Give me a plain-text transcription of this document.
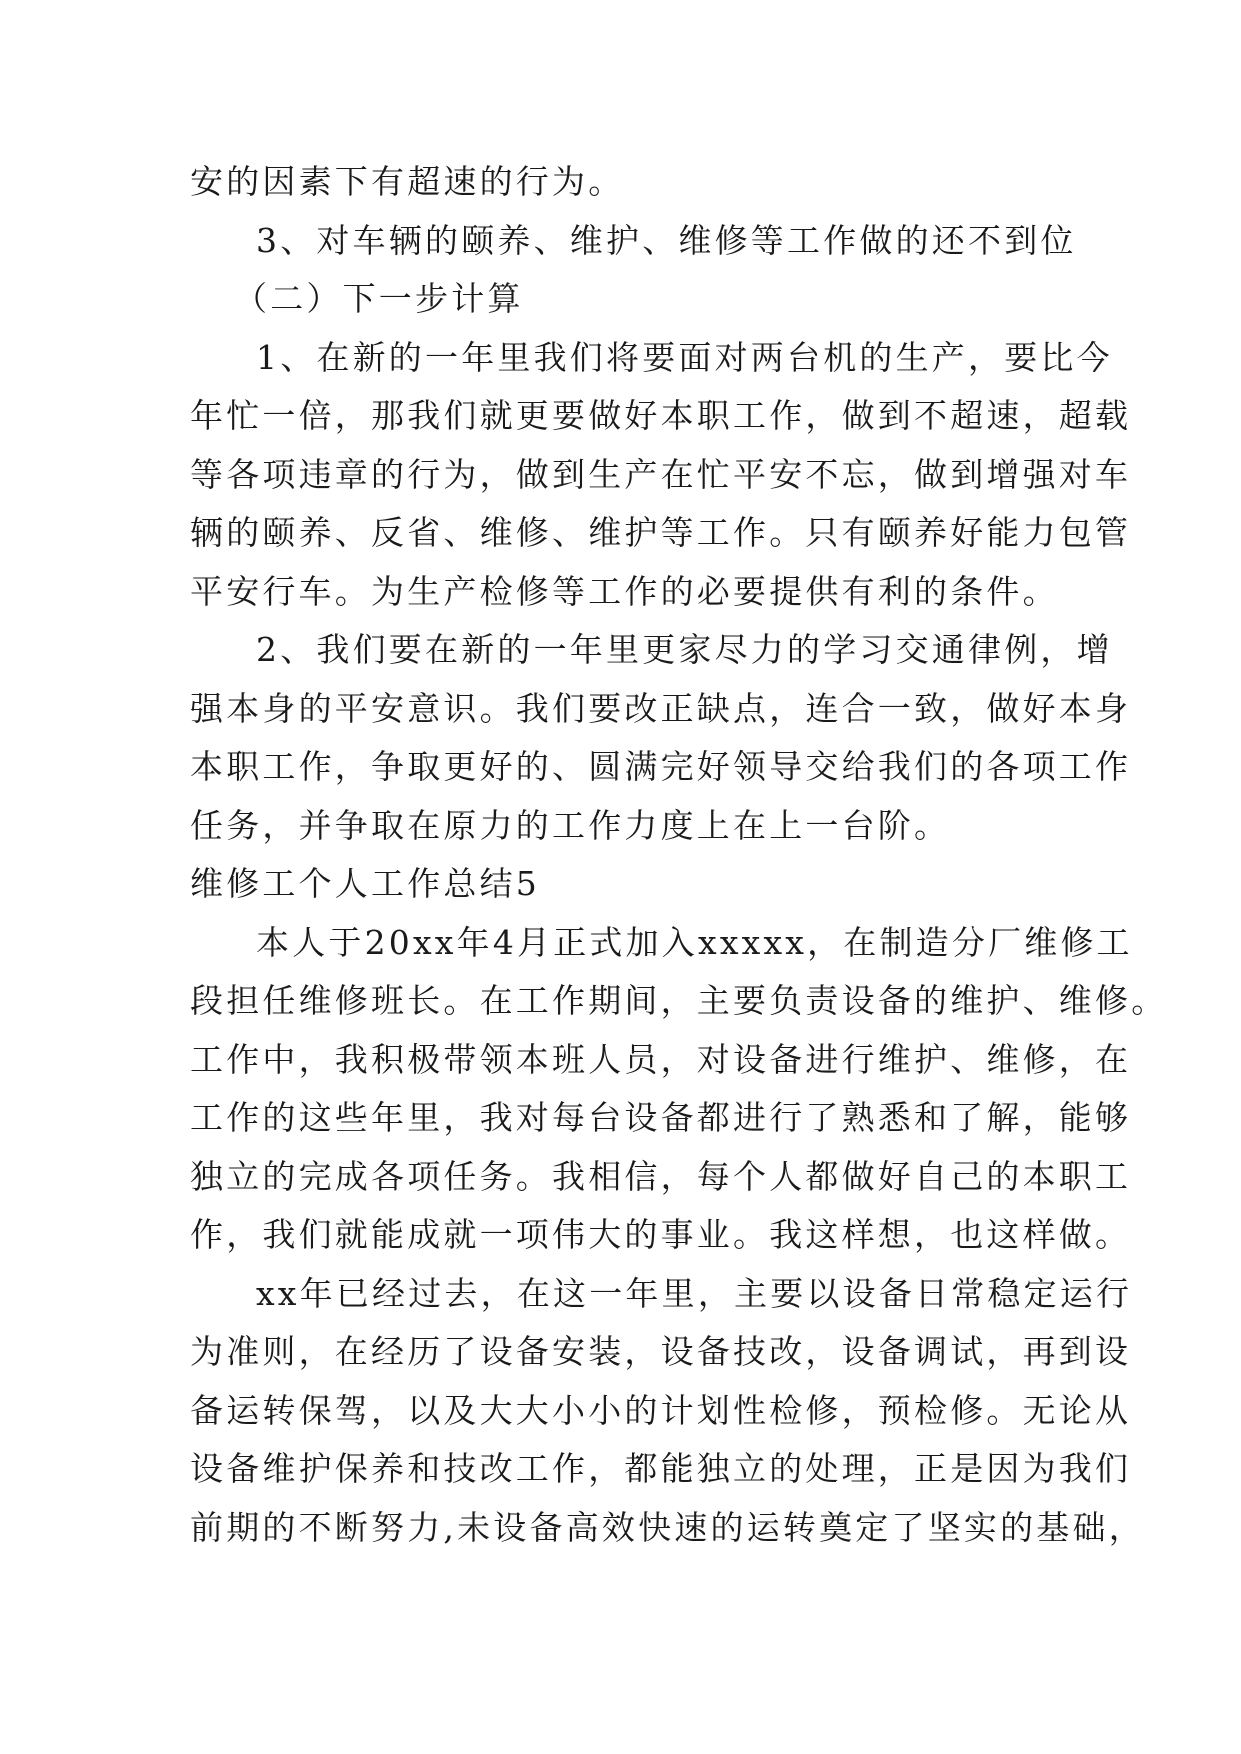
安的因素下有超速的行为。
3、对车辆的颐养、维护、维修等工作做的还不到位
（二）下一步计算
1、在新的一年里我们将要面对两台机的生产，要比今
年忙一倍，那我们就更要做好本职工作，做到不超速，超载
等各项违章的行为，做到生产在忙平安不忘，做到增强对车
辆的颐养、反省、维修、维护等工作。只有颐养好能力包管
平安行车。为生产检修等工作的必要提供有利的条件。
2、我们要在新的一年里更家尽力的学习交通律例，增
强本身的平安意识。我们要改正缺点，连合一致，做好本身
本职工作，争取更好的、圆满完好领导交给我们的各项工作
任务，并争取在原力的工作力度上在上一台阶。
维修工个人工作总结5
本人于20xx年4月正式加入xxxxx，在制造分厂维修工
段担任维修班长。在工作期间，主要负责设备的维护、维修。
工作中，我积极带领本班人员，对设备进行维护、维修，在
工作的这些年里，我对每台设备都进行了熟悉和了解，能够
独立的完成各项任务。我相信，每个人都做好自己的本职工
作，我们就能成就一项伟大的事业。我这样想，也这样做。
xx年已经过去，在这一年里，主要以设备日常稳定运行
为准则，在经历了设备安装，设备技改，设备调试，再到设
备运转保驾，以及大大小小的计划性检修，预检修。无论从
设备维护保养和技改工作，都能独立的处理，正是因为我们
前期的不断努力,未设备高效快速的运转奠定了坚实的基础，
